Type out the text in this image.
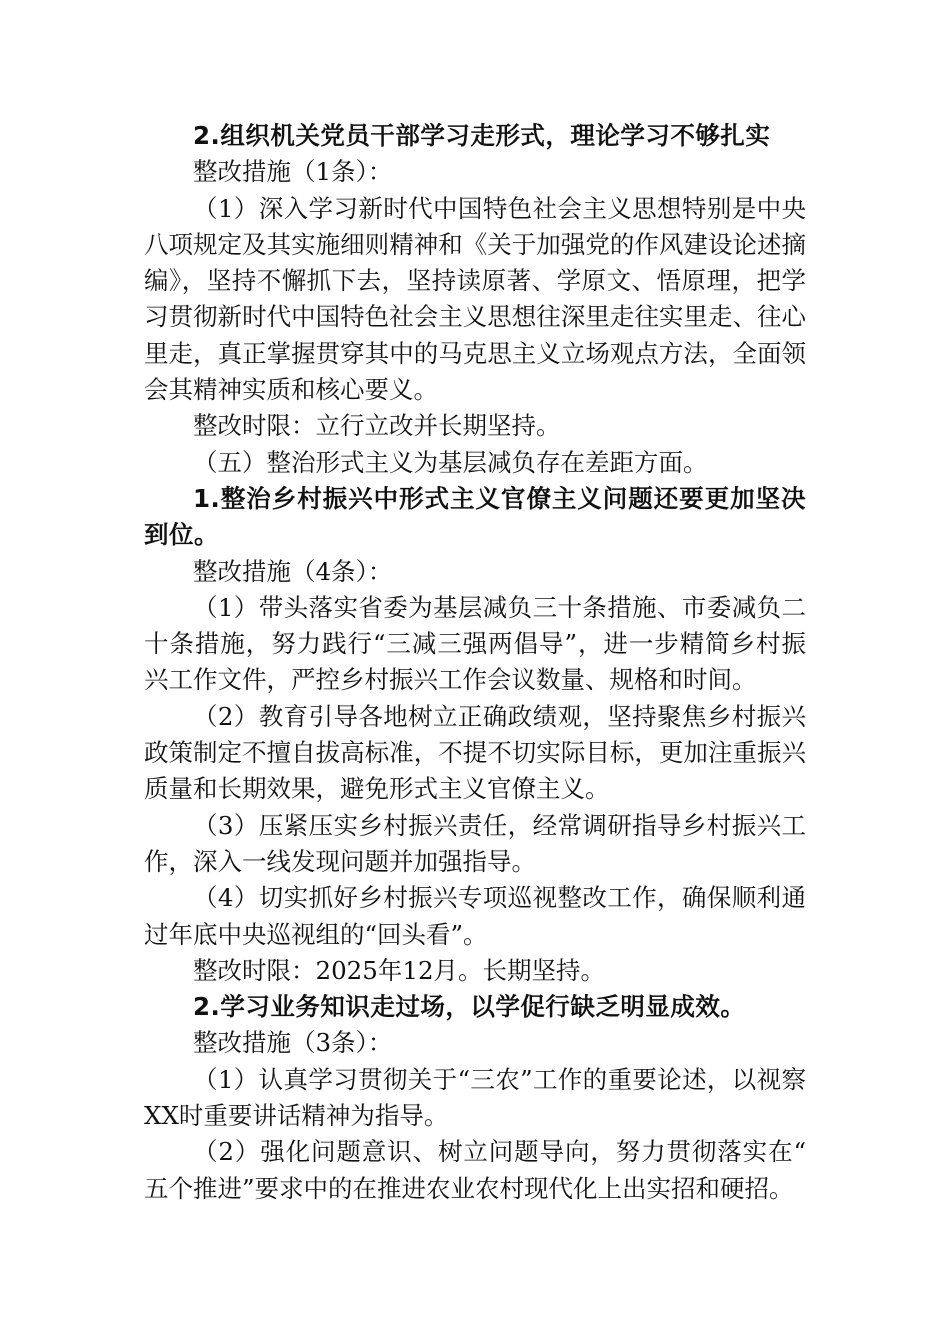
2.组织机关党员干部学习走形式，理论学习不够扎实

整改措施（1条）：

（1）深入学习新时代中国特色社会主义思想特别是中央八项规定及其实施细则精神和《关于加强党的作风建设论述摘编》，坚持不懈抓下去，坚持读原著、学原文、悟原理，把学习贯彻新时代中国特色社会主义思想往深里走往实里走、往心里走，真正掌握贯穿其中的马克思主义立场观点方法，全面领会其精神实质和核心要义。

整改时限：立行立改并长期坚持。

（五）整治形式主义为基层减负存在差距方面。

1.整治乡村振兴中形式主义官僚主义问题还要更加坚决到位。

整改措施（4条）：

（1）带头落实省委为基层减负三十条措施、市委减负二十条措施，努力践行“三减三强两倡导”，进一步精简乡村振兴工作文件，严控乡村振兴工作会议数量、规格和时间。

（2）教育引导各地树立正确政绩观，坚持聚焦乡村振兴政策制定不擅自拔高标准，不提不切实际目标，更加注重振兴质量和长期效果，避免形式主义官僚主义。

（3）压紧压实乡村振兴责任，经常调研指导乡村振兴工作，深入一线发现问题并加强指导。

（4）切实抓好乡村振兴专项巡视整改工作，确保顺利通过年底中央巡视组的“回头看”。

整改时限：2025年12月。长期坚持。

2.学习业务知识走过场，以学促行缺乏明显成效。

整改措施（3条）：

（1）认真学习贯彻关于“三农”工作的重要论述，以视察XX时重要讲话精神为指导。

（2）强化问题意识、树立问题导向，努力贯彻落实在“五个推进”要求中的在推进农业农村现代化上出实招和硬招。
